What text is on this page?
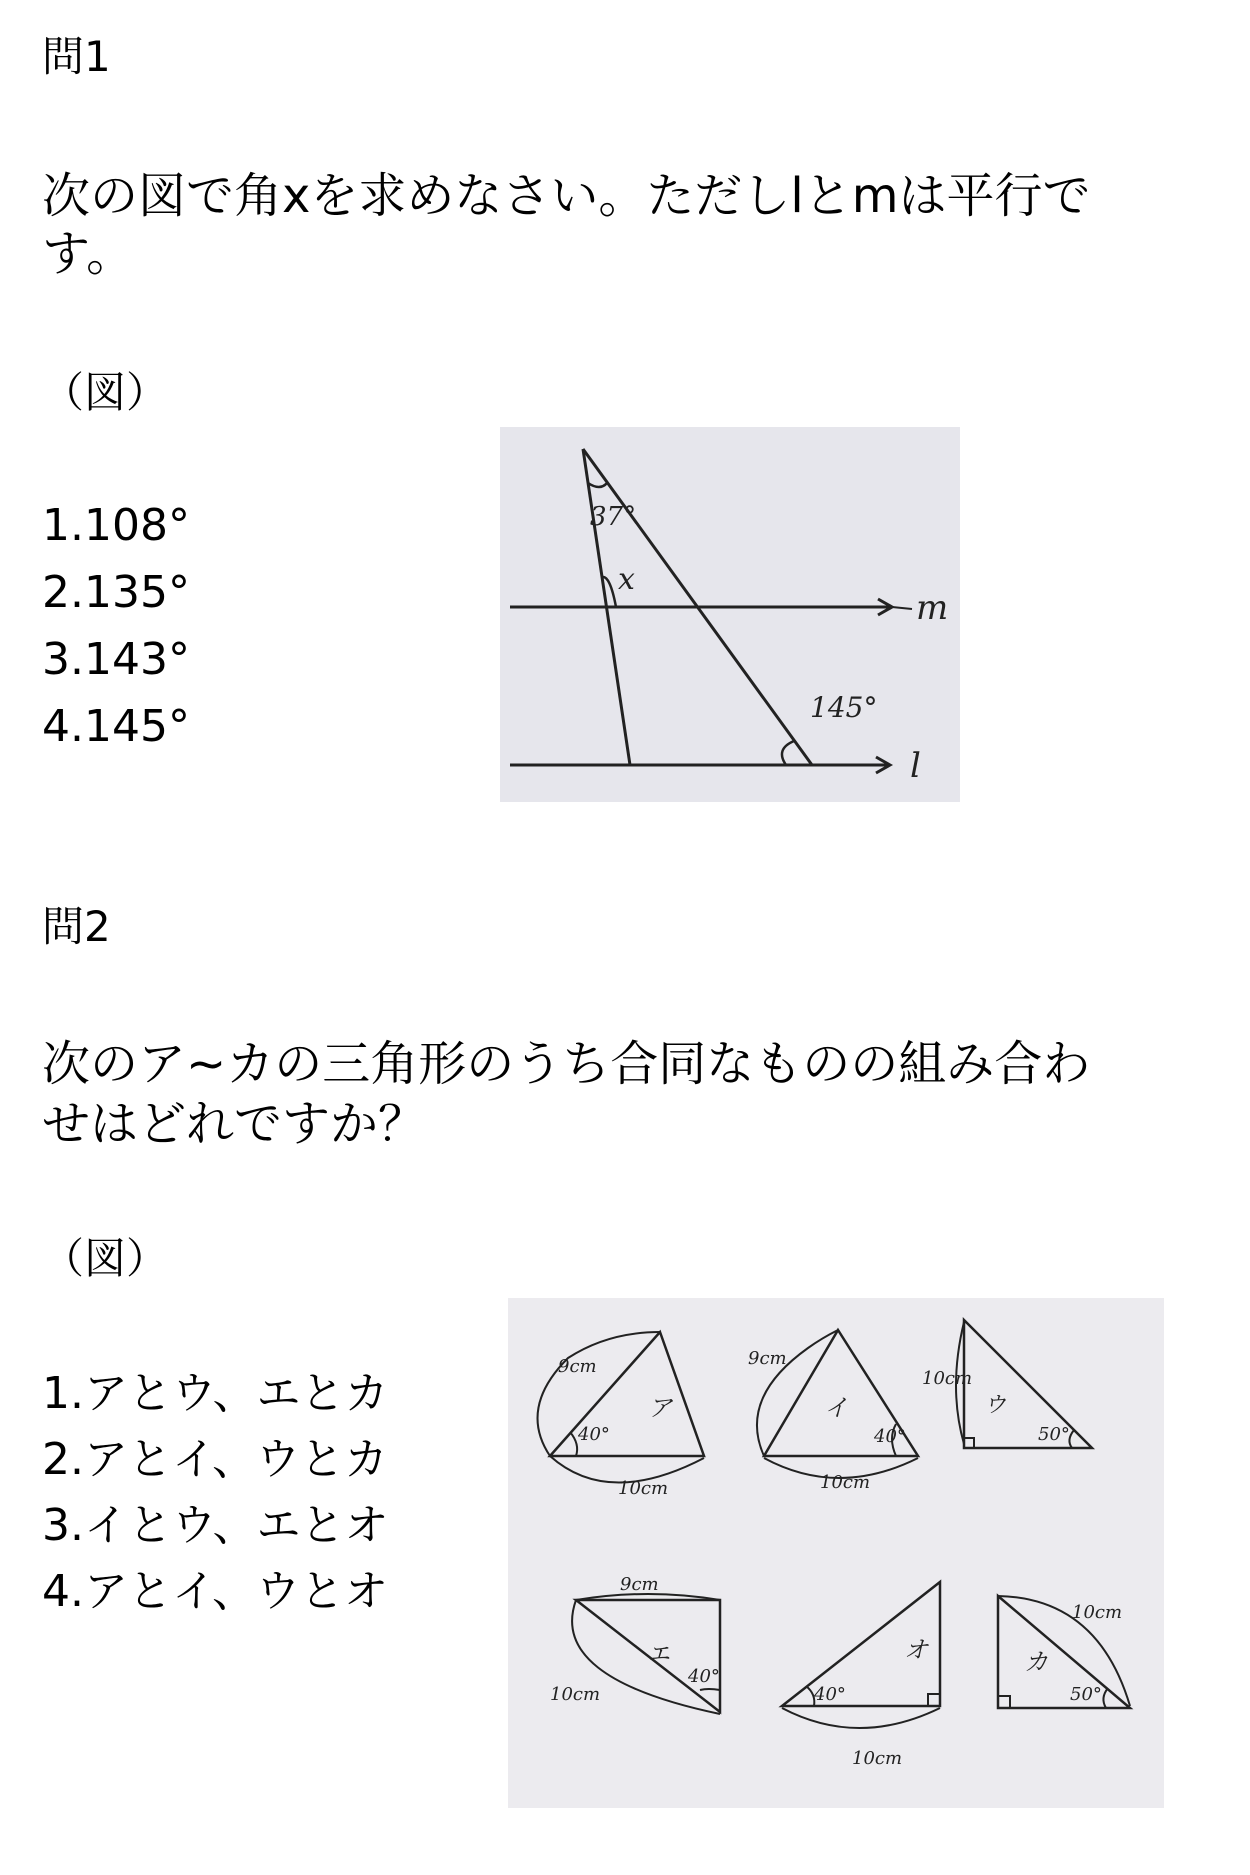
問1
次の図で角xを求めなさい。ただしlとmは平行で
す。
（図）
1.108°
2.135°
3.143°
4.145°
37°
x
145°
m
l
問2
次のア~カの三角形のうち合同なものの組み合わ
せはどれですか？
（図）
1.アとウ、エとカ
2.アとイ、ウとカ
3.イとウ、エとオ
4.アとイ、ウとオ
9cm
40°
10cm
ア
9cm
40°
10cm
イ
10cm
50°
ウ
9cm
10cm
40°
エ
40°
10cm
オ
10cm
50°
カ
